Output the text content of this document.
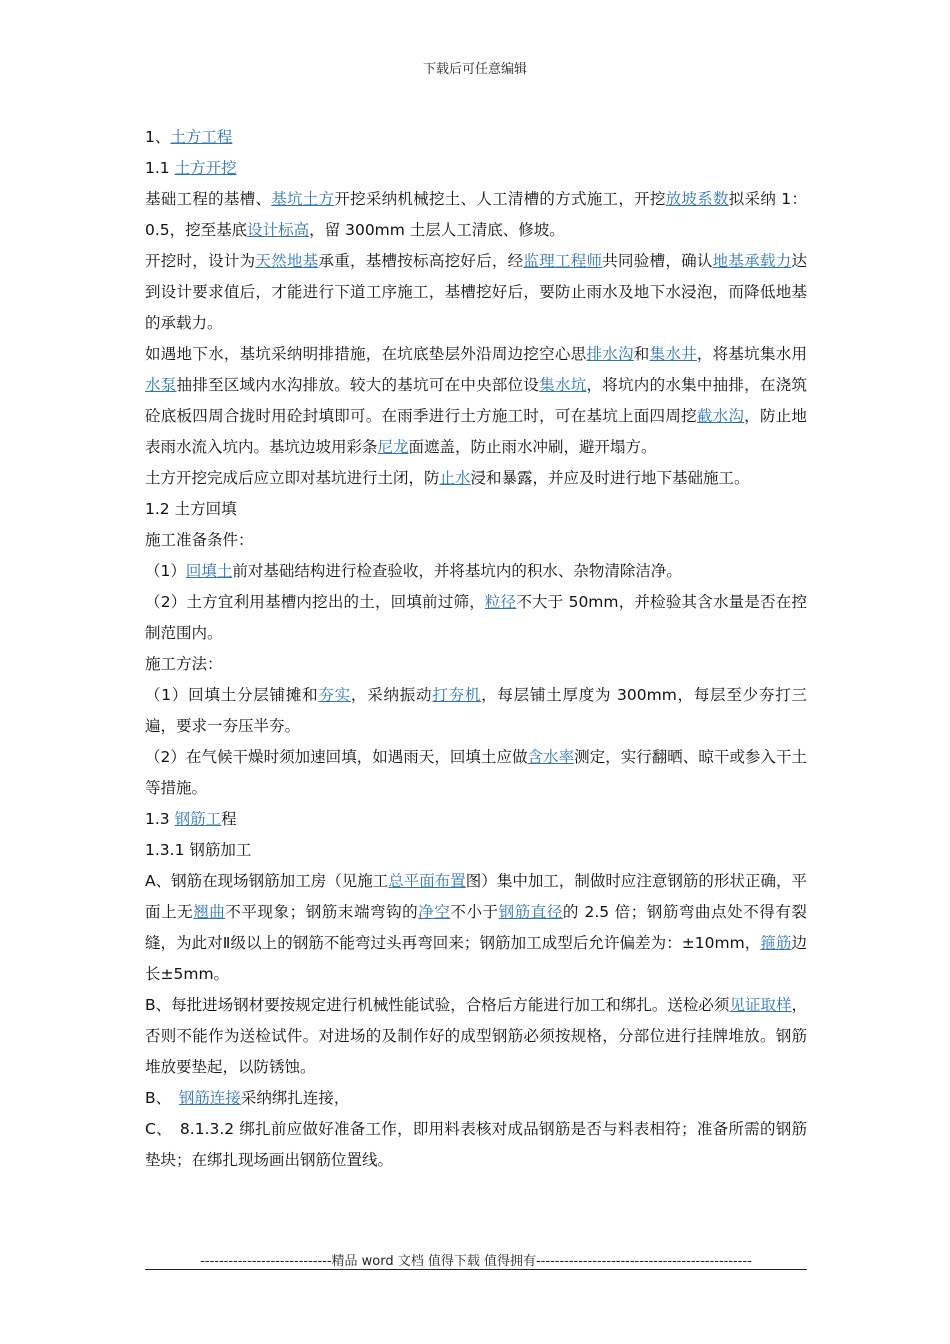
下载后可任意编辑

1、土方工程

1.1 土方开挖

基础工程的基槽、基坑土方开挖采纳机械挖土、人工清槽的方式施工，开挖放坡系数拟采纳 1：0.5，挖至基底设计标高，留 300mm 土层人工清底、修坡。

开挖时，设计为天然地基承重，基槽按标高挖好后，经监理工程师共同验槽，确认地基承载力达到设计要求值后，才能进行下道工序施工，基槽挖好后，要防止雨水及地下水浸泡，而降低地基的承载力。

如遇地下水，基坑采纳明排措施，在坑底垫层外沿周边挖空心思排水沟和集水井，将基坑集水用水泵抽排至区域内水沟排放。较大的基坑可在中央部位设集水坑，将坑内的水集中抽排，在浇筑砼底板四周合拢时用砼封填即可。在雨季进行土方施工时，可在基坑上面四周挖截水沟，防止地表雨水流入坑内。基坑边坡用彩条尼龙面遮盖，防止雨水冲刷，避开塌方。

土方开挖完成后应立即对基坑进行土闭，防止水浸和暴露，并应及时进行地下基础施工。

1.2 土方回填

施工准备条件：

（1）回填土前对基础结构进行检查验收，并将基坑内的积水、杂物清除洁净。

（2）土方宜利用基槽内挖出的土，回填前过筛，粒径不大于 50mm，并检验其含水量是否在控制范围内。

施工方法：

（1）回填土分层铺摊和夯实，采纳振动打夯机，每层铺土厚度为 300mm，每层至少夯打三遍，要求一夯压半夯。

（2）在气候干燥时须加速回填，如遇雨天，回填土应做含水率测定，实行翻晒、晾干或参入干土等措施。

1.3 钢筋工程

1.3.1 钢筋加工

A、钢筋在现场钢筋加工房（见施工总平面布置图）集中加工，制做时应注意钢筋的形状正确，平面上无翘曲不平现象；钢筋末端弯钩的净空不小于钢筋直径的 2.5 倍；钢筋弯曲点处不得有裂缝，为此对Ⅱ级以上的钢筋不能弯过头再弯回来；钢筋加工成型后允许偏差为：±10mm，箍筋边长±5mm。

B、每批进场钢材要按规定进行机械性能试验，合格后方能进行加工和绑扎。送检必须见证取样，否则不能作为送检试件。对进场的及制作好的成型钢筋必须按规格，分部位进行挂牌堆放。钢筋堆放要垫起，以防锈蚀。

B、　钢筋连接采纳绑扎连接，

C、　8.1.3.2 绑扎前应做好准备工作，即用料表核对成品钢筋是否与料表相符；准备所需的钢筋垫块；在绑扎现场画出钢筋位置线。

----------------------------精品 word 文档 值得下载 值得拥有----------------------------------------------
